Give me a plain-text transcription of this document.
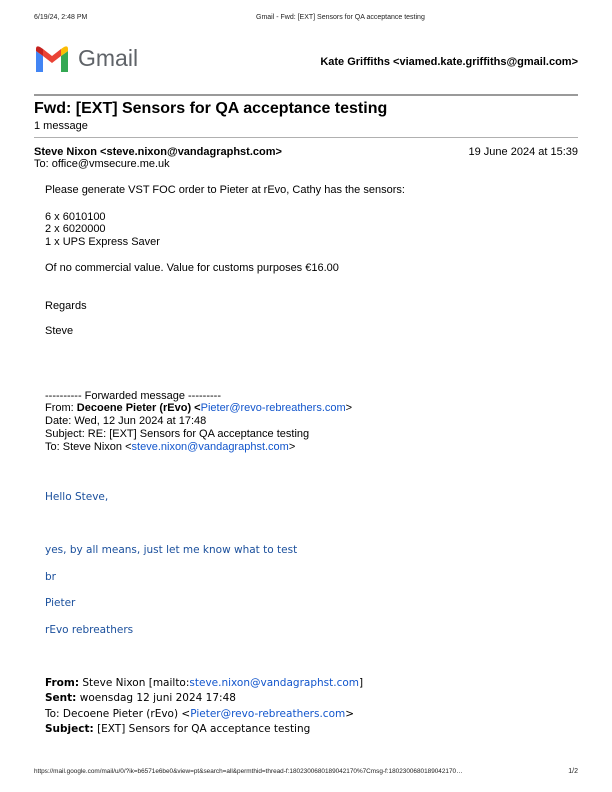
6/19/24, 2:48 PM	Gmail - Fwd: [EXT] Sensors for QA acceptance testing
Gmail	Kate Griffiths <viamed.kate.griffiths@gmail.com>
Fwd: [EXT] Sensors for QA acceptance testing
1 message
Steve Nixon <steve.nixon@vandagraphst.com>	19 June 2024 at 15:39
To: office@vmsecure.me.uk
Please generate VST FOC order to Pieter at rEvo, Cathy has the sensors:
6 x 6010100
2 x 6020000
1 x UPS Express Saver
Of no commercial value. Value for customs purposes €16.00
Regards
Steve
---------- Forwarded message ---------
From: Decoene Pieter (rEvo) <Pieter@revo-rebreathers.com>
Date: Wed, 12 Jun 2024 at 17:48
Subject: RE: [EXT] Sensors for QA acceptance testing
To: Steve Nixon <steve.nixon@vandagraphst.com>
Hello Steve,
yes, by all means, just let me know what to test
br
Pieter
rEvo rebreathers
From: Steve Nixon [mailto:steve.nixon@vandagraphst.com]
Sent: woensdag 12 juni 2024 17:48
To: Decoene Pieter (rEvo) <Pieter@revo-rebreathers.com>
Subject: [EXT] Sensors for QA acceptance testing
https://mail.google.com/mail/u/0/?ik=b6571e6be0&view=pt&search=all&permthid=thread-f:1802300680189042170%7Cmsg-f:1802300680189042170…	1/2
